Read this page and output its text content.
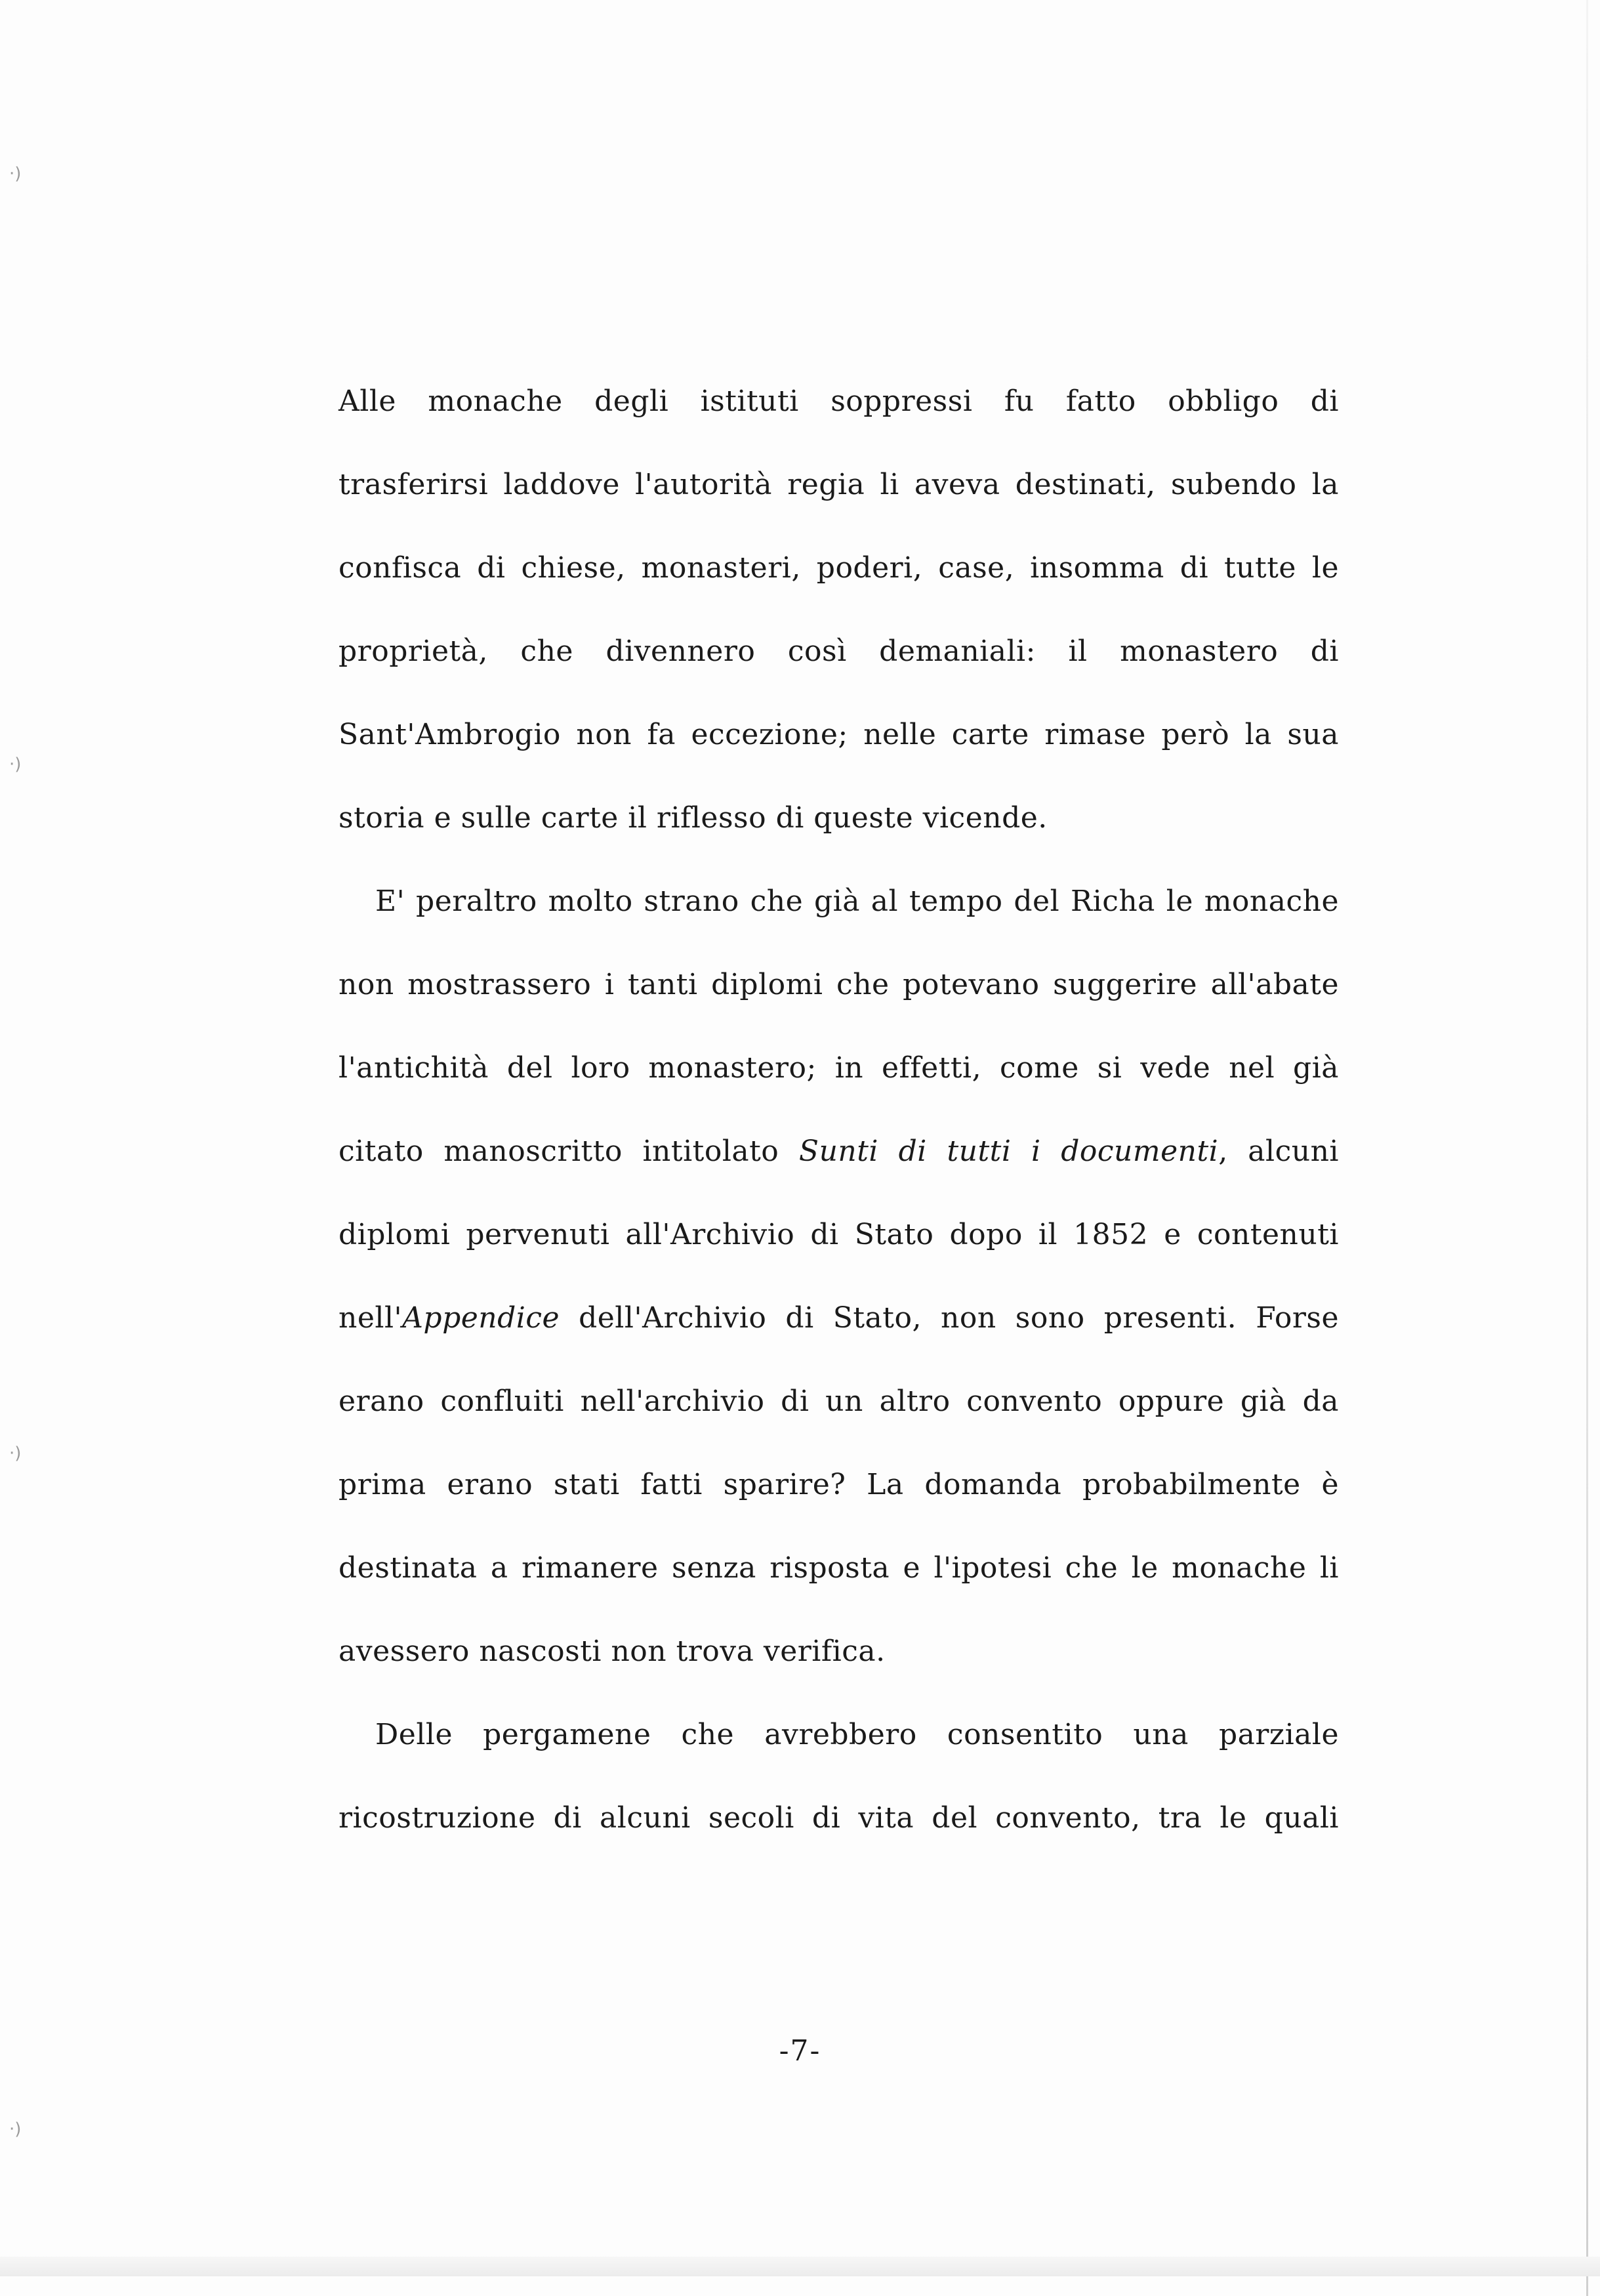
·)
·)
·)
·)
Alle monache degli istituti soppressi fu fatto obbligo di
trasferirsi laddove l'autorità regia li aveva destinati, subendo la
confisca di chiese, monasteri, poderi, case, insomma di tutte le
proprietà, che divennero così demaniali: il monastero di
Sant'Ambrogio non fa eccezione; nelle carte rimase però la sua
storia e sulle carte il riflesso di queste vicende.
E' peraltro molto strano che già al tempo del Richa le monache
non mostrassero i tanti diplomi che potevano suggerire all'abate
l'antichità del loro monastero; in effetti, come si vede nel già
citato manoscritto intitolato Sunti di tutti i documenti, alcuni
diplomi pervenuti all'Archivio di Stato dopo il 1852 e contenuti
nell'Appendice dell'Archivio di Stato, non sono presenti. Forse
erano confluiti nell'archivio di un altro convento oppure già da
prima erano stati fatti sparire? La domanda probabilmente è
destinata a rimanere senza risposta e l'ipotesi che le monache li
avessero nascosti non trova verifica.
Delle pergamene che avrebbero consentito una parziale
ricostruzione di alcuni secoli di vita del convento, tra le quali
-7-
